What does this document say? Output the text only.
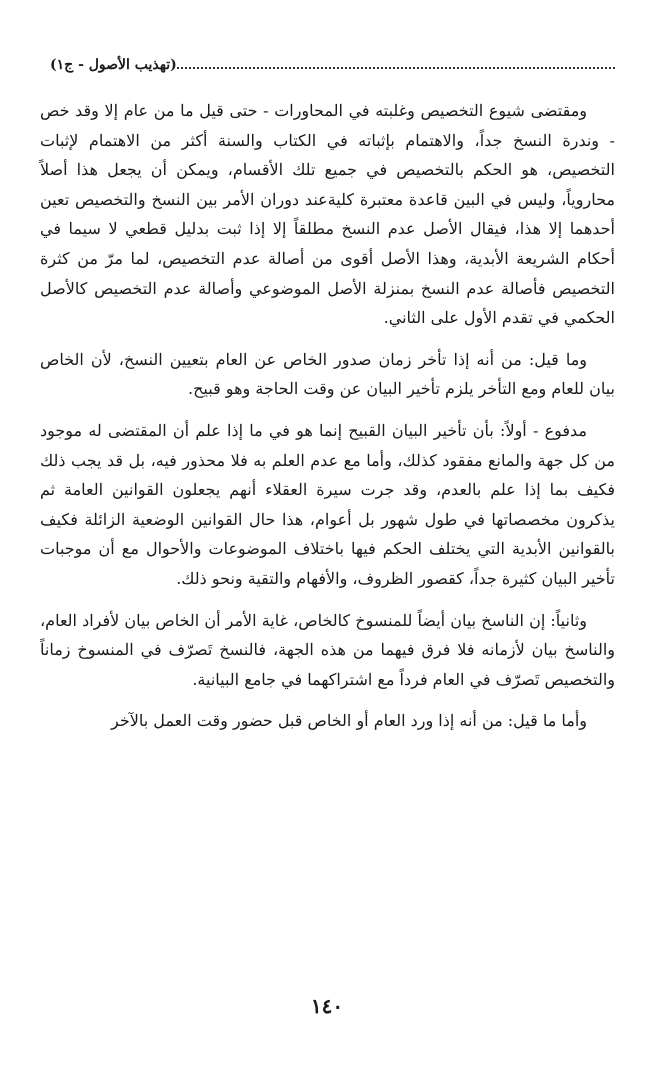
(تهذيب الأصول - ج١)

ومقتضى شيوع التخصيص وغلبته في المحاورات - حتى قيل ما من عام إلا وقد خص - وندرة النسخ جداً، والاهتمام بإثباته في الكتاب والسنة أكثر من الاهتمام لإثبات التخصيص، هو الحكم بالتخصيص في جميع تلك الأقسام، ويمكن أن يجعل هذا أصلاً محاروياً، وليس في البين قاعدة معتبرة كليةعند دوران الأمر بين النسخ والتخصيص تعين أحدهما إلا هذا، فيقال الأصل عدم النسخ مطلقاً إلا إذا ثبت بدليل قطعي لا سيما في أحكام الشريعة الأبدية، وهذا الأصل أقوى من أصالة عدم التخصيص، لما مرّ من كثرة التخصيص فأصالة عدم النسخ بمنزلة الأصل الموضوعي وأصالة عدم التخصيص كالأصل الحكمي في تقدم الأول على الثاني.

وما قيل: من أنه إذا تأخر زمان صدور الخاص عن العام بتعيين النسخ، لأن الخاص بيان للعام ومع التأخر يلزم تأخير البيان عن وقت الحاجة وهو قبيح.

مدفوع - أولاً: بأن تأخير البيان القبيح إنما هو في ما إذا علم أن المقتضى له موجود من كل جهة والمانع مفقود كذلك، وأما مع عدم العلم به فلا محذور فيه، بل قد يجب ذلك فكيف بما إذا علم بالعدم، وقد جرت سيرة العقلاء أنهم يجعلون القوانين العامة ثم يذكرون مخصصاتها في طول شهور بل أعوام، هذا حال القوانين الوضعية الزائلة فكيف بالقوانين الأبدية التي يختلف الحكم فيها باختلاف الموضوعات والأحوال مع أن موجبات تأخير البيان كثيرة جداً، كقصور الظروف، والأفهام والتقية ونحو ذلك.

وثانياً: إن الناسخ بيان أيضاً للمنسوخ كالخاص، غاية الأمر أن الخاص بيان لأفراد العام، والناسخ بيان لأزمانه فلا فرق فيهما من هذه الجهة، فالنسخ تَصرّف في المنسوخ زماناً والتخصيص تَصرّف في العام فرداً مع اشتراكهما في جامع البيانية.

وأما ما قيل: من أنه إذا ورد العام أو الخاص قبل حضور وقت العمل بالآخر

١٤٠
